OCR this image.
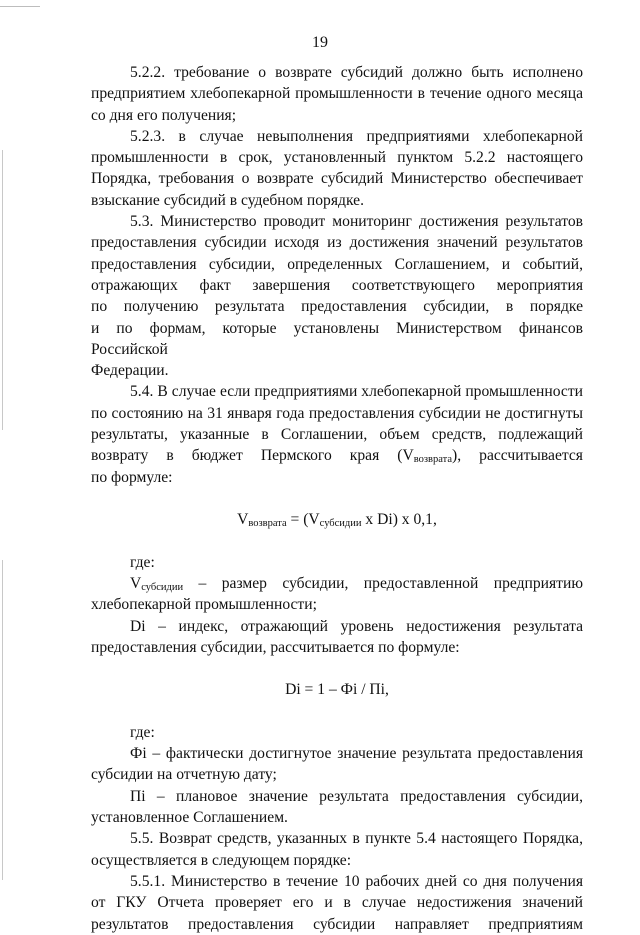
19
5.2.2. требование о возврате субсидий должно быть исполнено
предприятием хлебопекарной промышленности в течение одного месяца
со дня его получения;
5.2.3. в случае невыполнения предприятиями хлебопекарной
промышленности в срок, установленный пунктом 5.2.2 настоящего
Порядка, требования о возврате субсидий Министерство обеспечивает
взыскание субсидий в судебном порядке.
5.3. Министерство проводит мониторинг достижения результатов
предоставления субсидии исходя из достижения значений результатов
предоставления субсидии, определенных Соглашением, и событий,
отражающих факт завершения соответствующего мероприятия
по получению результата предоставления субсидии, в порядке
и по формам, которые установлены Министерством финансов Российской
Федерации.
5.4. В случае если предприятиями хлебопекарной промышленности
по состоянию на 31 января года предоставления субсидии не достигнуты
результаты, указанные в Соглашении, объем средств, подлежащий
возврату в бюджет Пермского края $(V_{возврата})$, рассчитывается
по формуле:
$V_{возврата} = (V_{субсидии}$ x Di) x 0,1,
где:
$V_{субсидии}$ – размер субсидии, предоставленной предприятию
хлебопекарной промышленности;
Di – индекс, отражающий уровень недостижения результата
предоставления субсидии, рассчитывается по формуле:
Di = 1 – Фi / Пi,
где:
Фi – фактически достигнутое значение результата предоставления
субсидии на отчетную дату;
Пi – плановое значение результата предоставления субсидии,
установленное Соглашением.
5.5. Возврат средств, указанных в пункте 5.4 настоящего Порядка,
осуществляется в следующем порядке:
5.5.1. Министерство в течение 10 рабочих дней со дня получения
от ГКУ Отчета проверяет его и в случае недостижения значений
результатов предоставления субсидии направляет предприятиям
